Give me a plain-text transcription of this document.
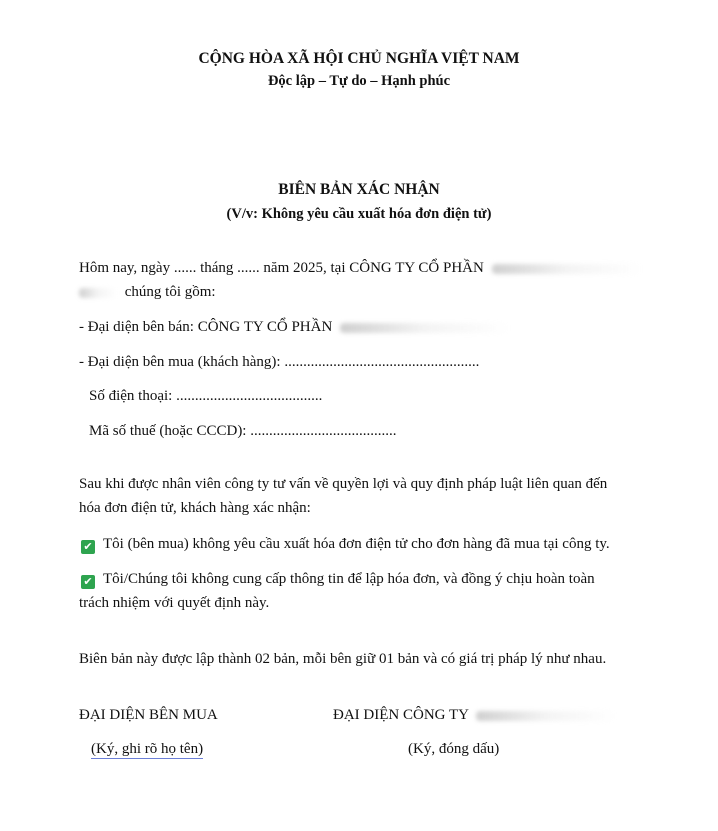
CỘNG HÒA XÃ HỘI CHỦ NGHĨA VIỆT NAM
Độc lập – Tự do – Hạnh phúc
BIÊN BẢN XÁC NHẬN
(V/v: Không yêu cầu xuất hóa đơn điện tử)
Hôm nay, ngày ...... tháng ...... năm 2025, tại CÔNG TY CỔ PHẦN
chúng tôi gồm:
- Đại diện bên bán: CÔNG TY CỔ PHẦN
- Đại diện bên mua (khách hàng): ....................................................
Số điện thoại: .......................................
Mã số thuế (hoặc CCCD): .......................................
Sau khi được nhân viên công ty tư vấn về quyền lợi và quy định pháp luật liên quan đến
hóa đơn điện tử, khách hàng xác nhận:
✔ Tôi (bên mua) không yêu cầu xuất hóa đơn điện tử cho đơn hàng đã mua tại công ty.
✔ Tôi/Chúng tôi không cung cấp thông tin để lập hóa đơn, và đồng ý chịu hoàn toàn
trách nhiệm với quyết định này.
Biên bản này được lập thành 02 bản, mỗi bên giữ 01 bản và có giá trị pháp lý như nhau.
ĐẠI DIỆN BÊN MUA	ĐẠI DIỆN CÔNG TY
(Ký, ghi rõ họ tên)	(Ký, đóng dấu)
